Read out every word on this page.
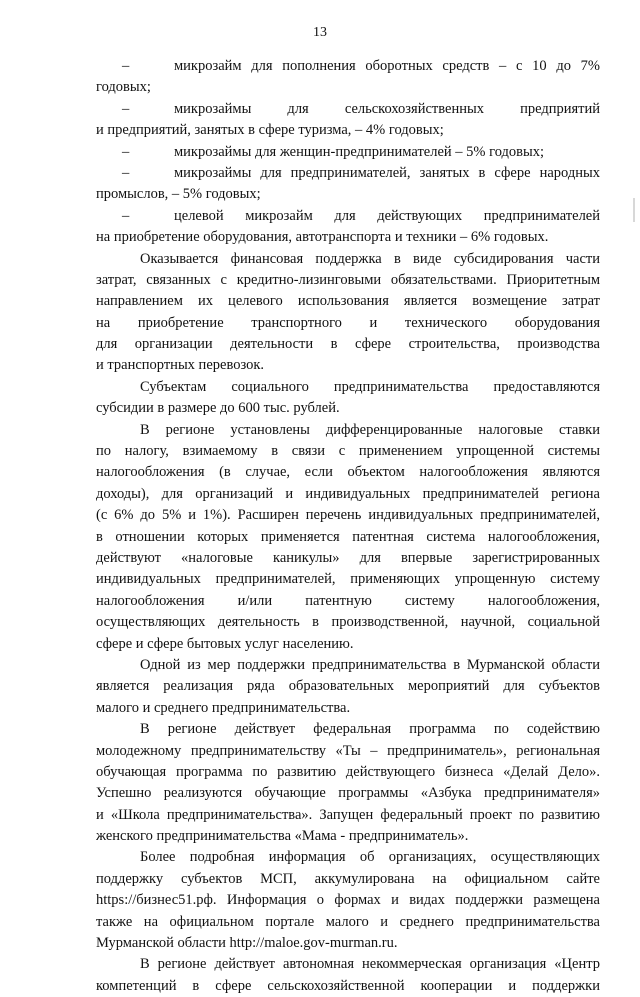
13
–	микрозайм для пополнения оборотных средств – с 10 до 7%
годовых;
–	микрозаймы для сельскохозяйственных предприятий
и предприятий, занятых в сфере туризма, – 4% годовых;
–	микрозаймы для женщин-предпринимателей – 5% годовых;
–	микрозаймы для предпринимателей, занятых в сфере народных
промыслов, – 5% годовых;
–	целевой микрозайм для действующих предпринимателей
на приобретение оборудования, автотранспорта и техники – 6% годовых.
Оказывается финансовая поддержка в виде субсидирования части
затрат, связанных с кредитно-лизинговыми обязательствами. Приоритетным
направлением их целевого использования является возмещение затрат
на приобретение транспортного и технического оборудования
для организации деятельности в сфере строительства, производства
и транспортных перевозок.
Субъектам социального предпринимательства предоставляются
субсидии в размере до 600 тыс. рублей.
В регионе установлены дифференцированные налоговые ставки
по налогу, взимаемому в связи с применением упрощенной системы
налогообложения (в случае, если объектом налогообложения являются
доходы), для организаций и индивидуальных предпринимателей региона
(с 6% до 5% и 1%). Расширен перечень индивидуальных предпринимателей,
в отношении которых применяется патентная система налогообложения,
действуют «налоговые каникулы» для впервые зарегистрированных
индивидуальных предпринимателей, применяющих упрощенную систему
налогообложения и/или патентную систему налогообложения,
осуществляющих деятельность в производственной, научной, социальной
сфере и сфере бытовых услуг населению.
Одной из мер поддержки предпринимательства в Мурманской области
является реализация ряда образовательных мероприятий для субъектов
малого и среднего предпринимательства.
В регионе действует федеральная программа по содействию
молодежному предпринимательству «Ты – предприниматель», региональная
обучающая программа по развитию действующего бизнеса «Делай Дело».
Успешно реализуются обучающие программы «Азбука предпринимателя»
и «Школа предпринимательства». Запущен федеральный проект по развитию
женского предпринимательства «Мама - предприниматель».
Более подробная информация об организациях, осуществляющих
поддержку субъектов МСП, аккумулирована на официальном сайте
https://бизнес51.рф. Информация о формах и видах поддержки размещена
также на официальном портале малого и среднего предпринимательства
Мурманской области http://maloe.gov-murman.ru.
В регионе действует автономная некоммерческая организация «Центр
компетенций в сфере сельскохозяйственной кооперации и поддержки
